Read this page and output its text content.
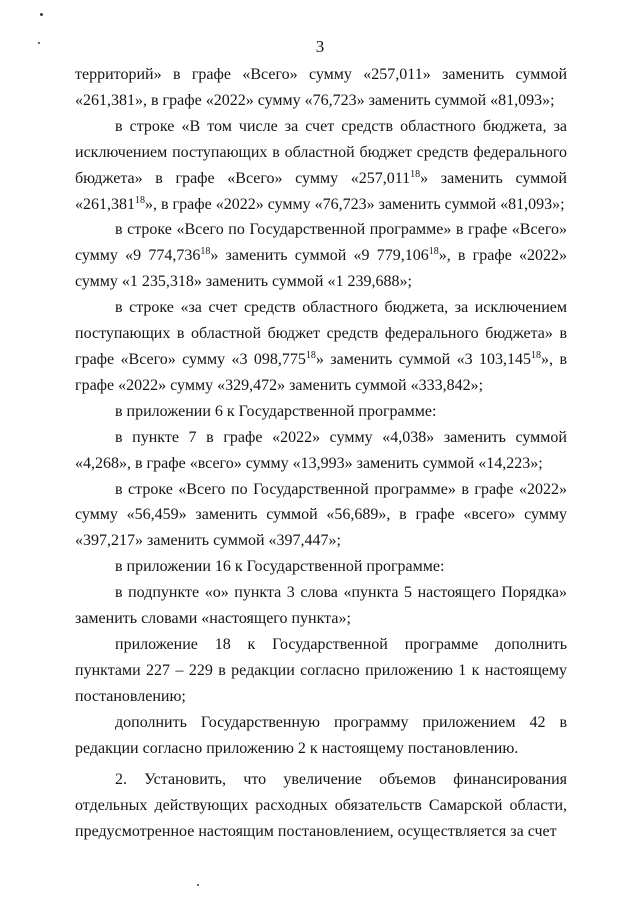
3

территорий» в графе «Всего» сумму «257,011» заменить суммой «261,381», в графе «2022» сумму «76,723» заменить суммой «81,093»;

в строке «В том числе за счет средств областного бюджета, за исключением поступающих в областной бюджет средств федерального бюджета» в графе «Всего» сумму «257,011$^{18}$» заменить суммой «261,381$^{18}$», в графе «2022» сумму «76,723» заменить суммой «81,093»;

в строке «Всего по Государственной программе» в графе «Всего» сумму «9 774,736$^{18}$» заменить суммой «9 779,106$^{18}$», в графе «2022» сумму «1 235,318» заменить суммой «1 239,688»;

в строке «за счет средств областного бюджета, за исключением поступающих в областной бюджет средств федерального бюджета» в графе «Всего» сумму «3 098,775$^{18}$» заменить суммой «3 103,145$^{18}$», в графе «2022» сумму «329,472» заменить суммой «333,842»;

в приложении 6 к Государственной программе:

в пункте 7 в графе «2022» сумму «4,038» заменить суммой «4,268», в графе «всего» сумму «13,993» заменить суммой «14,223»;

в строке «Всего по Государственной программе» в графе «2022» сумму «56,459» заменить суммой «56,689», в графе «всего» сумму «397,217» заменить суммой «397,447»;

в приложении 16 к Государственной программе:

в подпункте «о» пункта 3 слова «пункта 5 настоящего Порядка» заменить словами «настоящего пункта»;

приложение 18 к Государственной программе дополнить пунктами 227 – 229 в редакции согласно приложению 1 к настоящему постановлению;

дополнить Государственную программу приложением 42 в редакции согласно приложению 2 к настоящему постановлению.

2. Установить, что увеличение объемов финансирования отдельных действующих расходных обязательств Самарской области, предусмотренное настоящим постановлением, осуществляется за счет
